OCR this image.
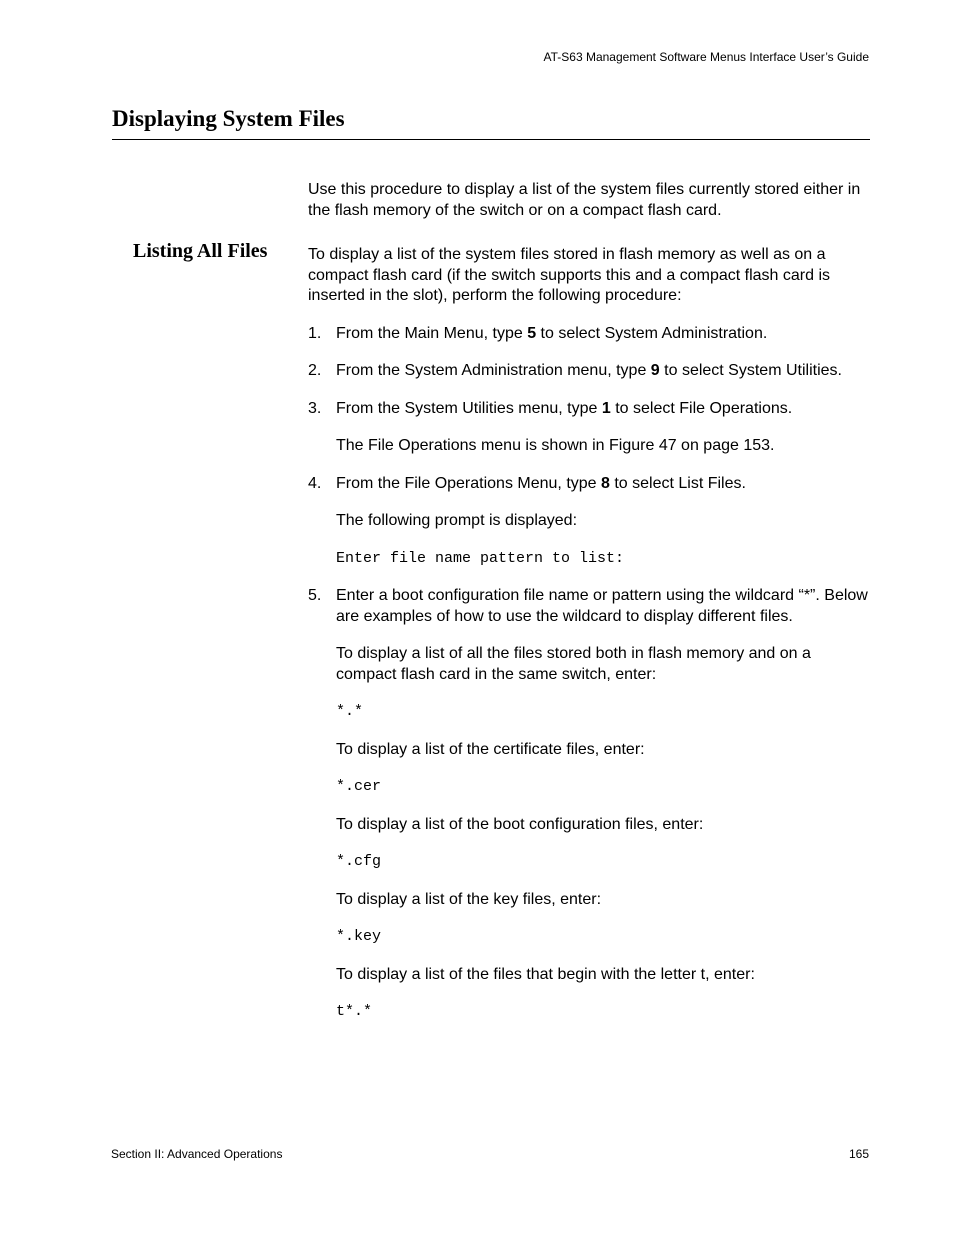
AT-S63 Management Software Menus Interface User’s Guide
Displaying System Files
Listing All Files

Use this procedure to display a list of the system files currently stored either in the flash memory of the switch or on a compact flash card.

To display a list of the system files stored in flash memory as well as on a compact flash card (if the switch supports this and a compact flash card is inserted in the slot), perform the following procedure:

1. From the Main Menu, type 5 to select System Administration.

2. From the System Administration menu, type 9 to select System Utilities.

3. From the System Utilities menu, type 1 to select File Operations.

The File Operations menu is shown in Figure 47 on page 153.

4. From the File Operations Menu, type 8 to select List Files.

The following prompt is displayed:

Enter file name pattern to list:

5. Enter a boot configuration file name or pattern using the wildcard “*”. Below are examples of how to use the wildcard to display different files.

To display a list of all the files stored both in flash memory and on a compact flash card in the same switch, enter:

*.*

To display a list of the certificate files, enter:

*.cer

To display a list of the boot configuration files, enter:

*.cfg

To display a list of the key files, enter:

*.key

To display a list of the files that begin with the letter t, enter:

t*.*

Section II: Advanced Operations	165
